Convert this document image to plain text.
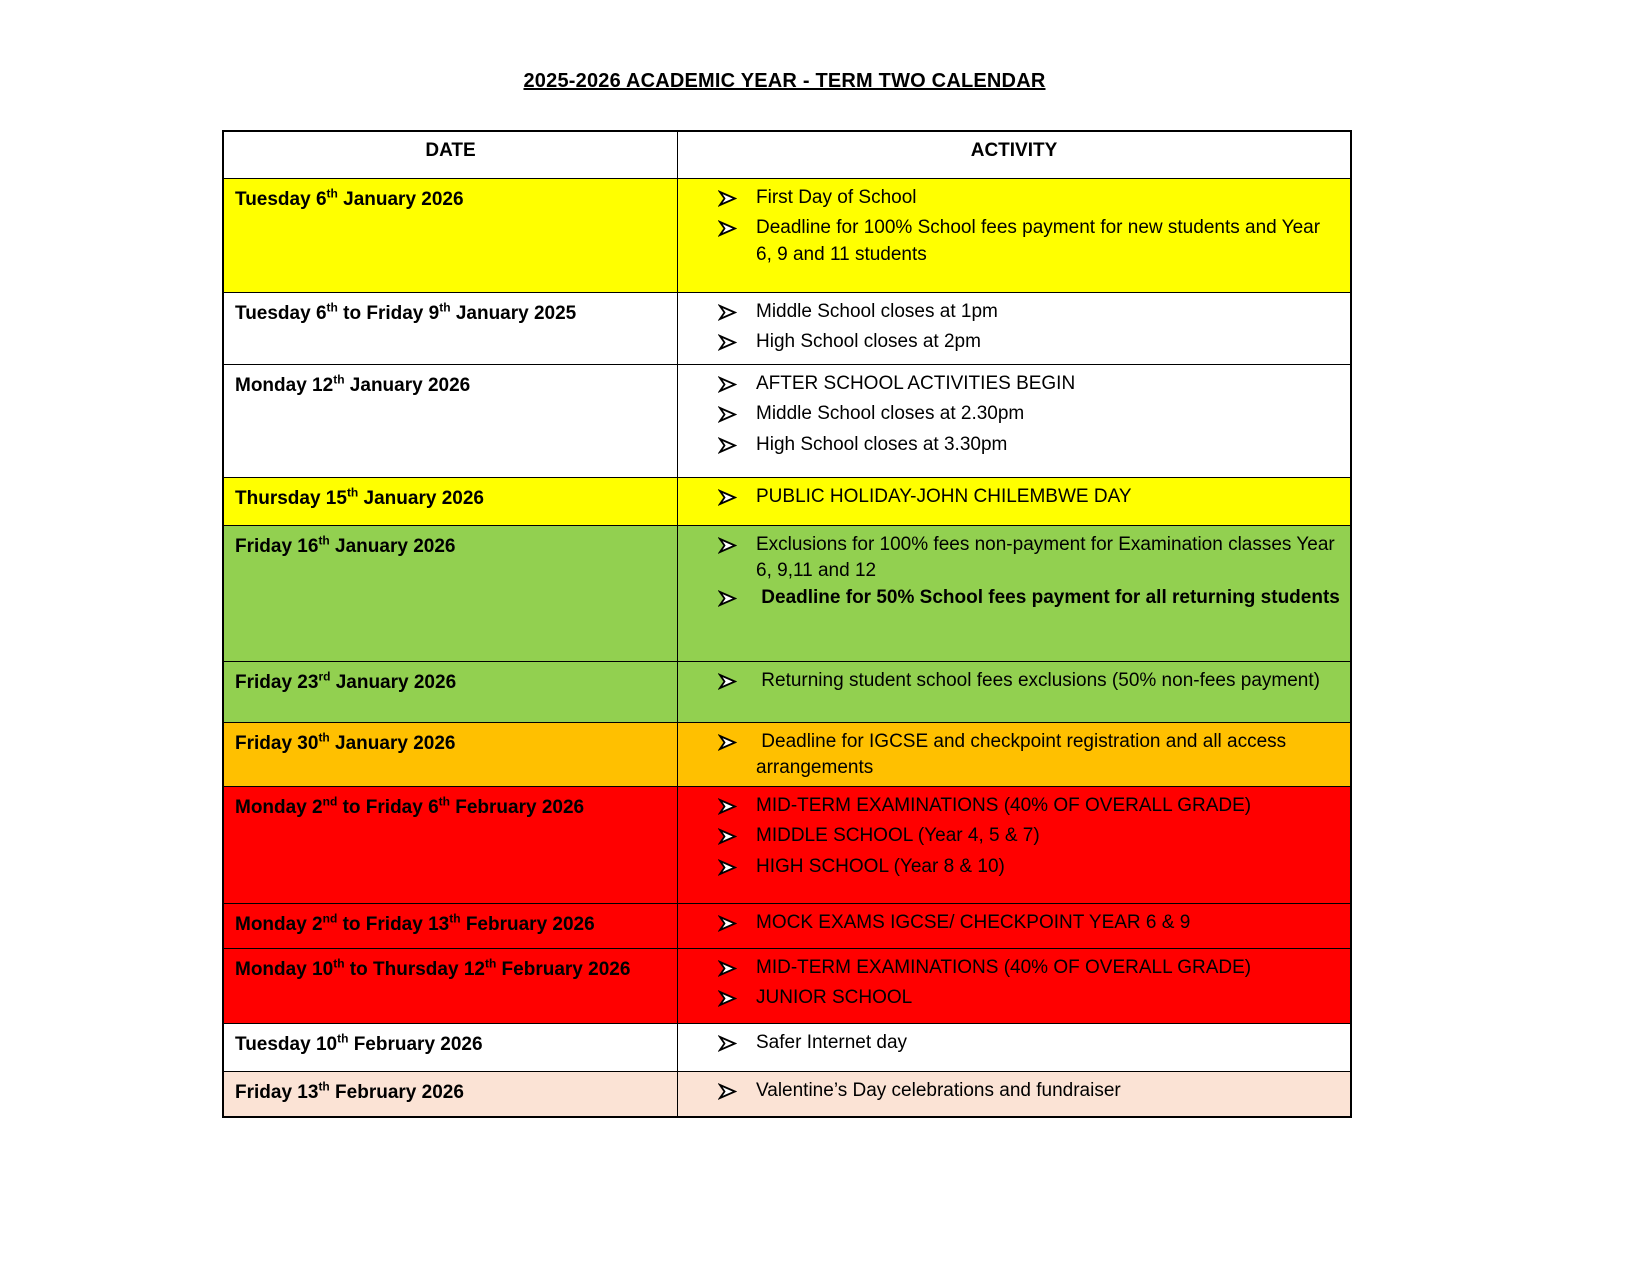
2025-2026 ACADEMIC YEAR - TERM TWO CALENDAR
DATE	ACTIVITY
Tuesday 6th January 2026	First Day of School
Deadline for 100% School fees payment for new students and Year 6, 9 and 11 students

Tuesday 6th to Friday 9th January 2025	Middle School closes at 1pm
High School closes at 2pm

Monday 12th January 2026	AFTER SCHOOL ACTIVITIES BEGIN
Middle School closes at 2.30pm
High School closes at 3.30pm

Thursday 15th January 2026	PUBLIC HOLIDAY-JOHN CHILEMBWE DAY

Friday 16th January 2026	Exclusions for 100% fees non-payment for Examination classes Year 6, 9,11 and 12
Deadline for 50% School fees payment for all returning students

Friday 23rd January 2026	Returning student school fees exclusions (50% non-fees payment)

Friday 30th January 2026	Deadline for IGCSE and checkpoint registration and all access arrangements

Monday 2nd to Friday 6th February 2026	MID-TERM EXAMINATIONS (40% OF OVERALL GRADE)
MIDDLE SCHOOL (Year 4, 5 & 7)
HIGH SCHOOL (Year 8 & 10)

Monday 2nd to Friday 13th February 2026	MOCK EXAMS IGCSE/ CHECKPOINT YEAR 6 & 9

Monday 10th to Thursday 12th February 2026	MID-TERM EXAMINATIONS (40% OF OVERALL GRADE)
JUNIOR SCHOOL

Tuesday 10th February 2026	Safer Internet day

Friday 13th February 2026	Valentine’s Day celebrations and fundraiser
